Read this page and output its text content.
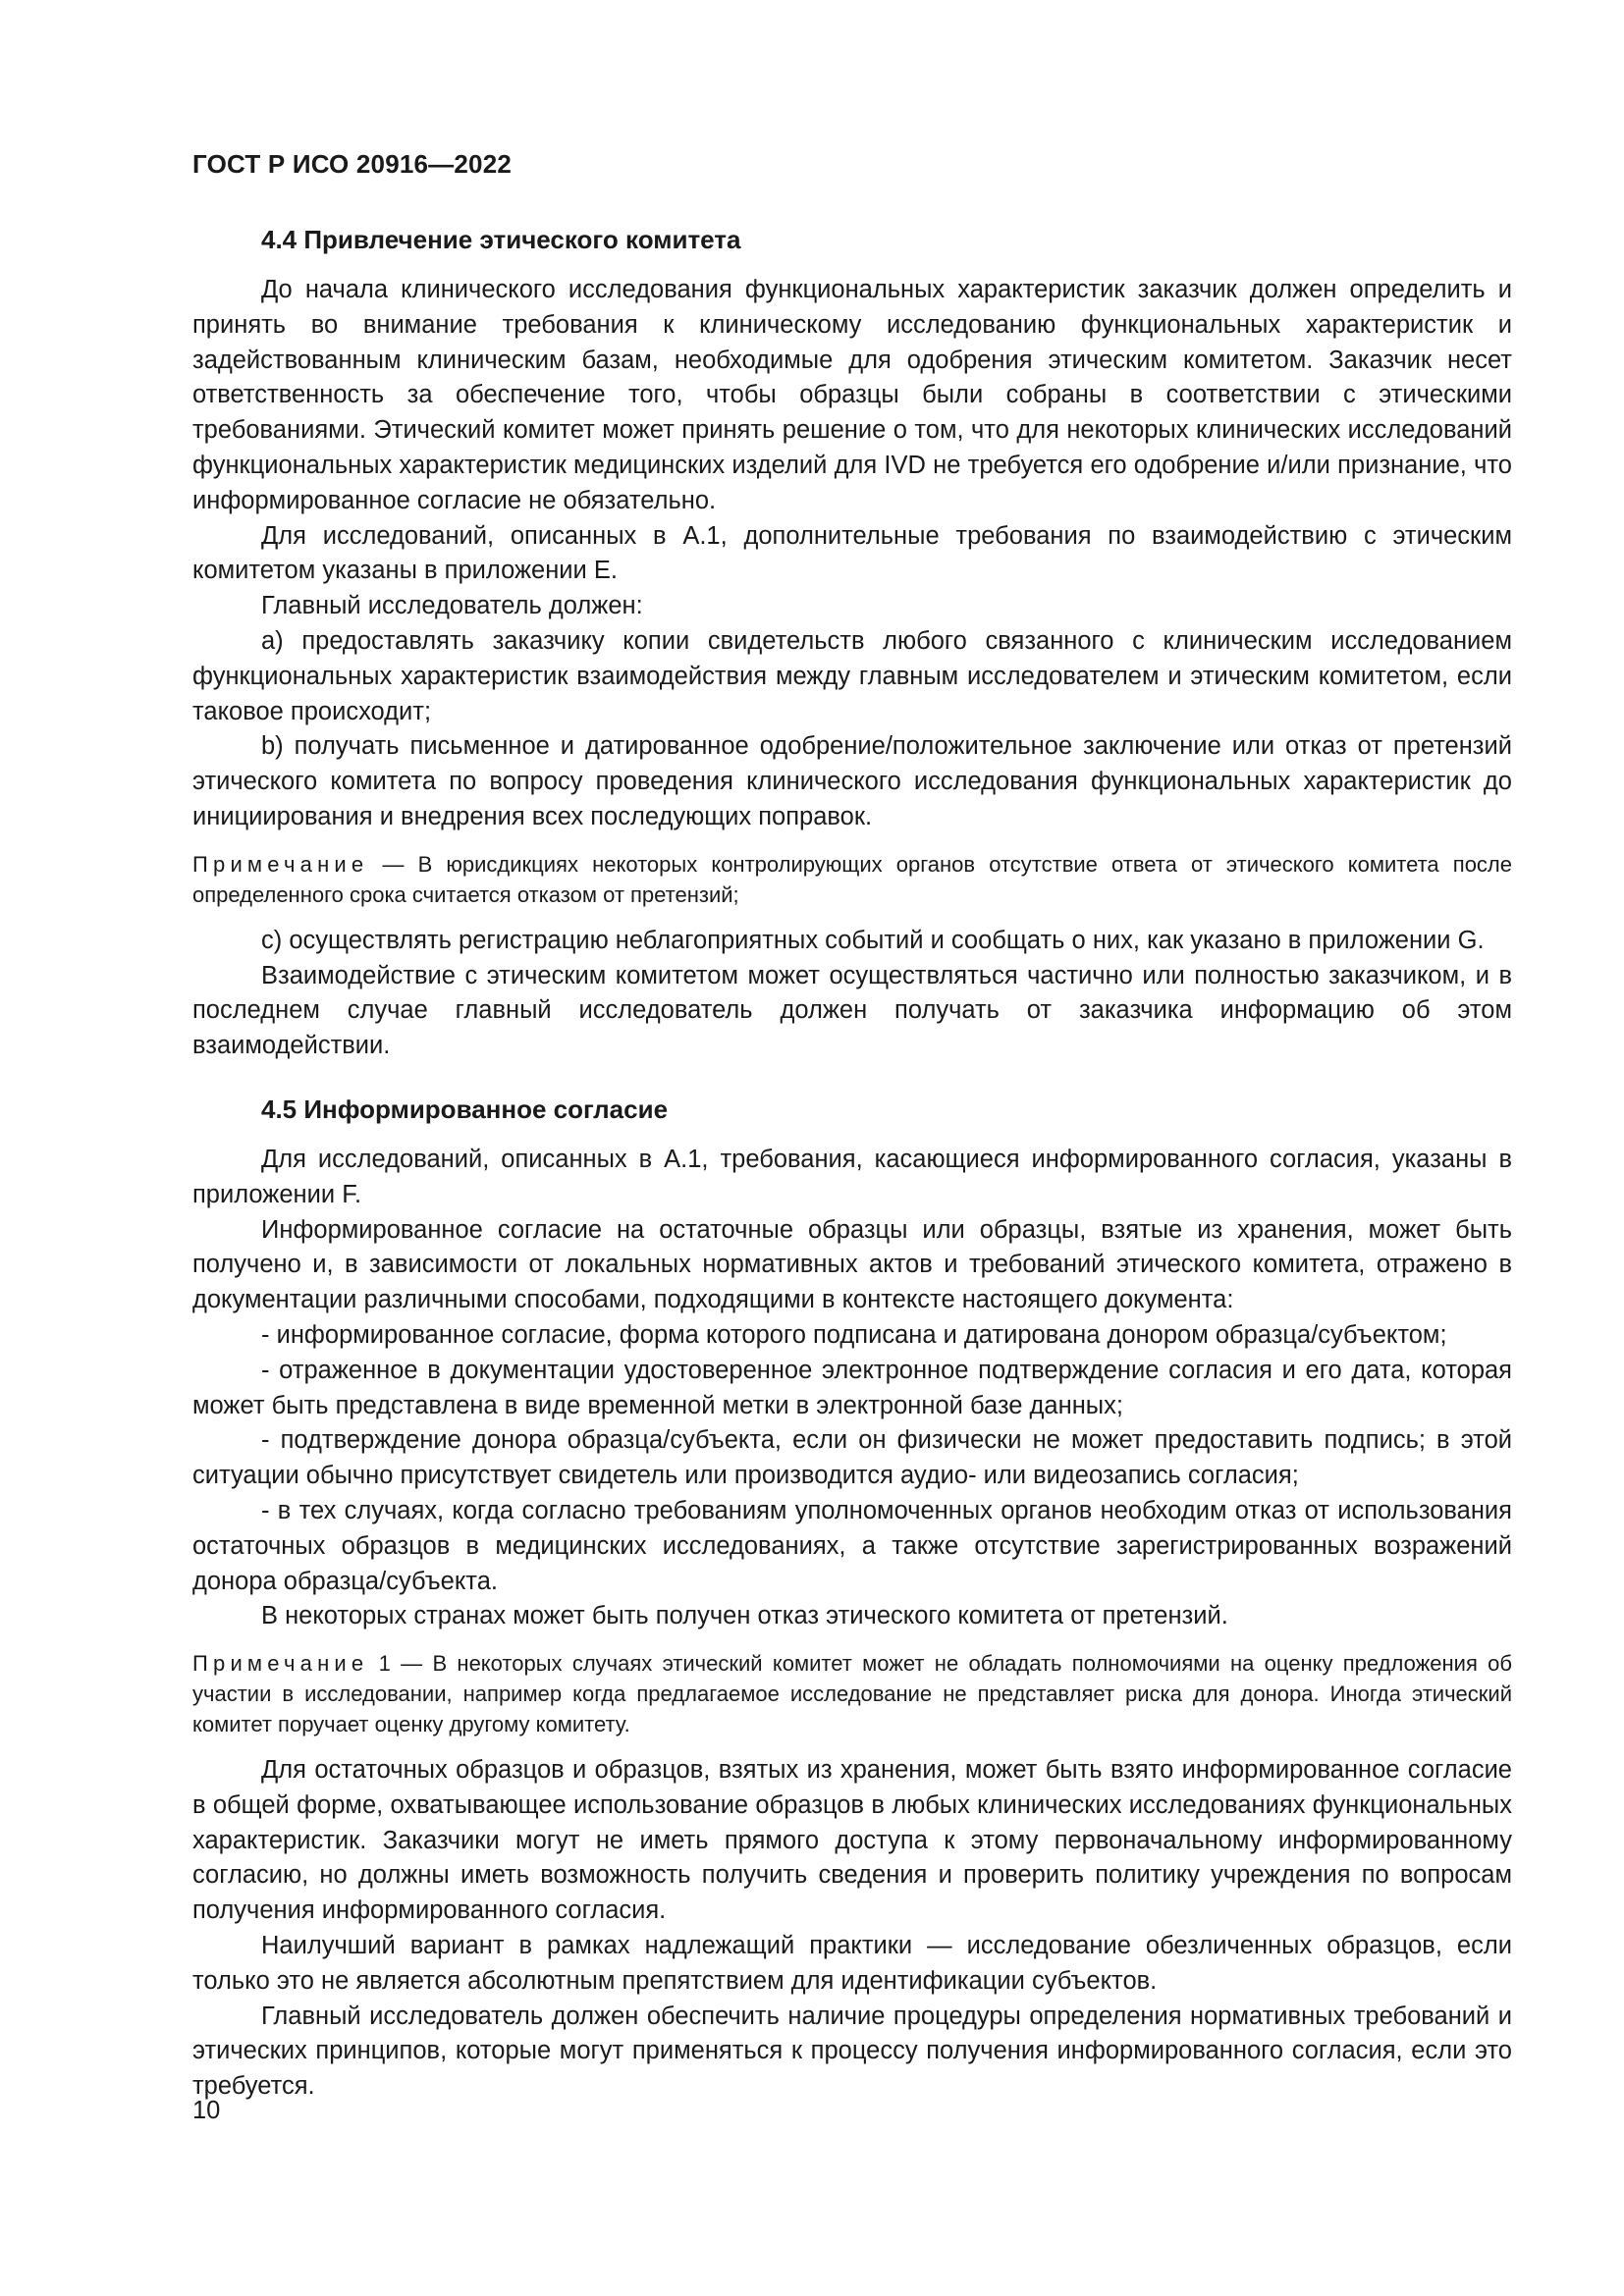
ГОСТ Р ИСО 20916—2022
4.4 Привлечение этического комитета

До начала клинического исследования функциональных характеристик заказчик должен определить и принять во внимание требования к клиническому исследованию функциональных характеристик и задействованным клиническим базам, необходимые для одобрения этическим комитетом. Заказчик несет ответственность за обеспечение того, чтобы образцы были собраны в соответствии с этическими требованиями. Этический комитет может принять решение о том, что для некоторых клинических исследований функциональных характеристик медицинских изделий для IVD не требуется его одобрение и/или признание, что информированное согласие не обязательно.

Для исследований, описанных в А.1, дополнительные требования по взаимодействию с этическим комитетом указаны в приложении Е.

Главный исследователь должен:

а) предоставлять заказчику копии свидетельств любого связанного с клиническим исследованием функциональных характеристик взаимодействия между главным исследователем и этическим комитетом, если таковое происходит;

b) получать письменное и датированное одобрение/положительное заключение или отказ от претензий этического комитета по вопросу проведения клинического исследования функциональных характеристик до инициирования и внедрения всех последующих поправок.

Примечание — В юрисдикциях некоторых контролирующих органов отсутствие ответа от этического комитета после определенного срока считается отказом от претензий;

с) осуществлять регистрацию неблагоприятных событий и сообщать о них, как указано в приложении G.

Взаимодействие с этическим комитетом может осуществляться частично или полностью заказчиком, и в последнем случае главный исследователь должен получать от заказчика информацию об этом взаимодействии.

4.5 Информированное согласие

Для исследований, описанных в А.1, требования, касающиеся информированного согласия, указаны в приложении F.

Информированное согласие на остаточные образцы или образцы, взятые из хранения, может быть получено и, в зависимости от локальных нормативных актов и требований этического комитета, отражено в документации различными способами, подходящими в контексте настоящего документа:

- информированное согласие, форма которого подписана и датирована донором образца/субъектом;

- отраженное в документации удостоверенное электронное подтверждение согласия и его дата, которая может быть представлена в виде временной метки в электронной базе данных;

- подтверждение донора образца/субъекта, если он физически не может предоставить подпись; в этой ситуации обычно присутствует свидетель или производится аудио- или видеозапись согласия;

- в тех случаях, когда согласно требованиям уполномоченных органов необходим отказ от использования остаточных образцов в медицинских исследованиях, а также отсутствие зарегистрированных возражений донора образца/субъекта.

В некоторых странах может быть получен отказ этического комитета от претензий.

Примечание 1 — В некоторых случаях этический комитет может не обладать полномочиями на оценку предложения об участии в исследовании, например когда предлагаемое исследование не представляет риска для донора. Иногда этический комитет поручает оценку другому комитету.

Для остаточных образцов и образцов, взятых из хранения, может быть взято информированное согласие в общей форме, охватывающее использование образцов в любых клинических исследованиях функциональных характеристик. Заказчики могут не иметь прямого доступа к этому первоначальному информированному согласию, но должны иметь возможность получить сведения и проверить политику учреждения по вопросам получения информированного согласия.

Наилучший вариант в рамках надлежащий практики — исследование обезличенных образцов, если только это не является абсолютным препятствием для идентификации субъектов.

Главный исследователь должен обеспечить наличие процедуры определения нормативных требований и этических принципов, которые могут применяться к процессу получения информированного согласия, если это требуется.

10
